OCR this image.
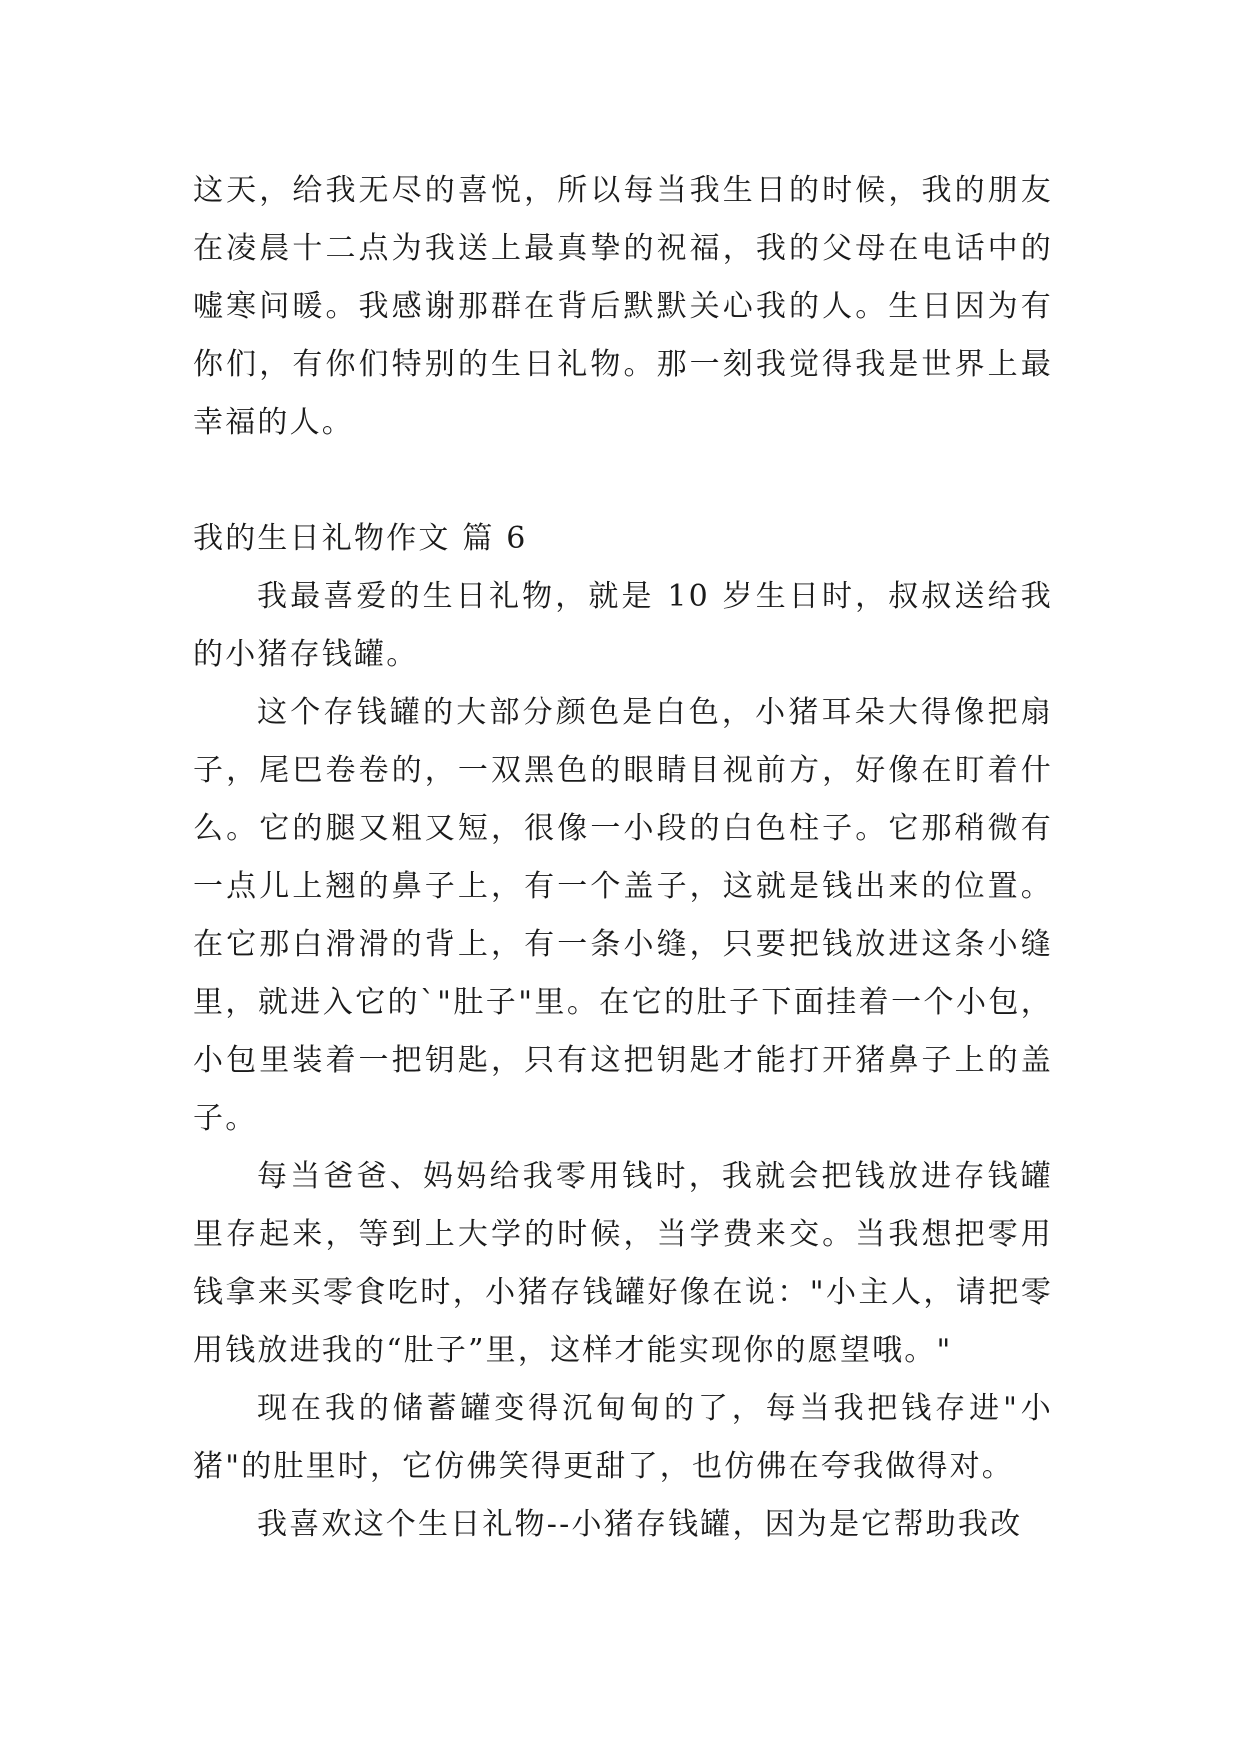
这天，给我无尽的喜悦，所以每当我生日的时候，我的朋友在凌晨十二点为我送上最真挚的祝福，我的父母在电话中的嘘寒问暖。我感谢那群在背后默默关心我的人。生日因为有你们，有你们特别的生日礼物。那一刻我觉得我是世界上最幸福的人。

我的生日礼物作文 篇 6

我最喜爱的生日礼物，就是 10 岁生日时，叔叔送给我的小猪存钱罐。

这个存钱罐的大部分颜色是白色，小猪耳朵大得像把扇子，尾巴卷卷的，一双黑色的眼睛目视前方，好像在盯着什么。它的腿又粗又短，很像一小段的白色柱子。它那稍微有一点儿上翘的鼻子上，有一个盖子，这就是钱出来的位置。在它那白滑滑的背上，有一条小缝，只要把钱放进这条小缝里，就进入它的`"肚子"里。在它的肚子下面挂着一个小包，小包里装着一把钥匙，只有这把钥匙才能打开猪鼻子上的盖子。

每当爸爸、妈妈给我零用钱时，我就会把钱放进存钱罐里存起来，等到上大学的时候，当学费来交。当我想把零用钱拿来买零食吃时，小猪存钱罐好像在说："小主人，请把零用钱放进我的“肚子”里，这样才能实现你的愿望哦。"

现在我的储蓄罐变得沉甸甸的了，每当我把钱存进"小猪"的肚里时，它仿佛笑得更甜了，也仿佛在夸我做得对。

我喜欢这个生日礼物--小猪存钱罐，因为是它帮助我改
